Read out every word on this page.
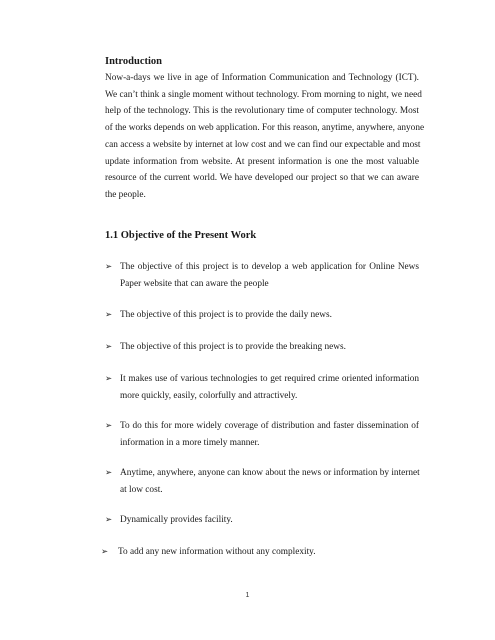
Introduction

Now-a-days we live in age of Information Communication and Technology (ICT).
We can’t think a single moment without technology. From morning to night, we need
help of the technology. This is the revolutionary time of computer technology. Most
of the works depends on web application. For this reason, anytime, anywhere, anyone
can access a website by internet at low cost and we can find our expectable and most
update information from website. At present information is one the most valuable
resource of the current world. We have developed our project so that we can aware
the people.

1.1 Objective of the Present Work
➢ The objective of this project is to develop a web application for Online News
Paper website that can aware the people
➢ The objective of this project is to provide the daily news.
➢ The objective of this project is to provide the breaking news.
➢ It makes use of various technologies to get required crime oriented information
more quickly, easily, colorfully and attractively.
➢ To do this for more widely coverage of distribution and faster dissemination of
information in a more timely manner.
➢ Anytime, anywhere, anyone can know about the news or information by internet
at low cost.
➢ Dynamically provides facility.
➢ To add any new information without any complexity.
1
